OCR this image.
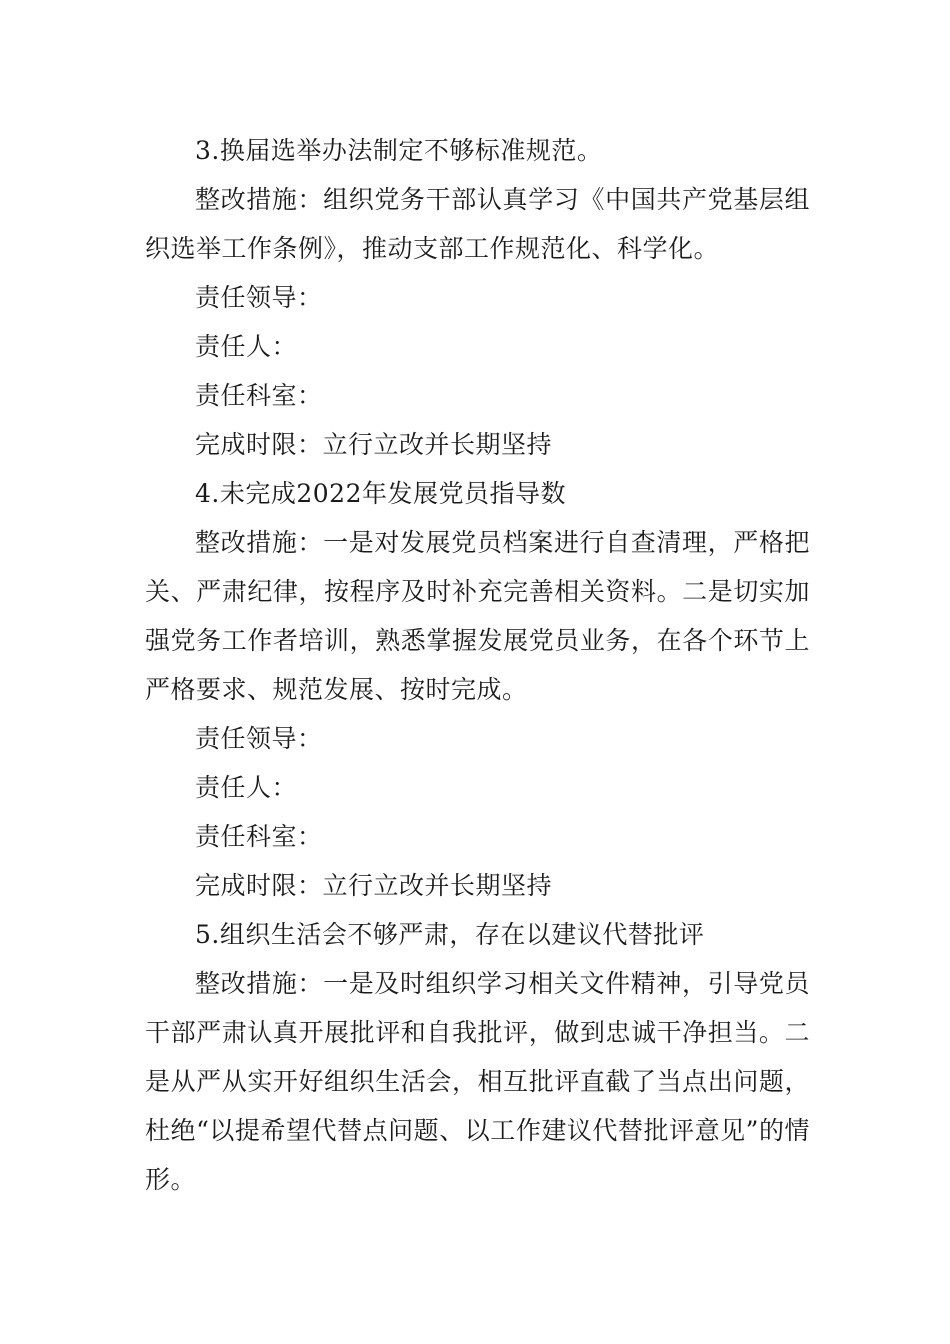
3.换届选举办法制定不够标准规范。

整改措施：组织党务干部认真学习《中国共产党基层组织选举工作条例》，推动支部工作规范化、科学化。

责任领导：

责任人：

责任科室：

完成时限：立行立改并长期坚持

4.未完成2022年发展党员指导数

整改措施：一是对发展党员档案进行自查清理，严格把关、严肃纪律，按程序及时补充完善相关资料。二是切实加强党务工作者培训，熟悉掌握发展党员业务，在各个环节上严格要求、规范发展、按时完成。

责任领导：

责任人：

责任科室：

完成时限：立行立改并长期坚持

5.组织生活会不够严肃，存在以建议代替批评

整改措施：一是及时组织学习相关文件精神，引导党员干部严肃认真开展批评和自我批评，做到忠诚干净担当。二是从严从实开好组织生活会，相互批评直截了当点出问题，杜绝“以提希望代替点问题、以工作建议代替批评意见”的情形。
